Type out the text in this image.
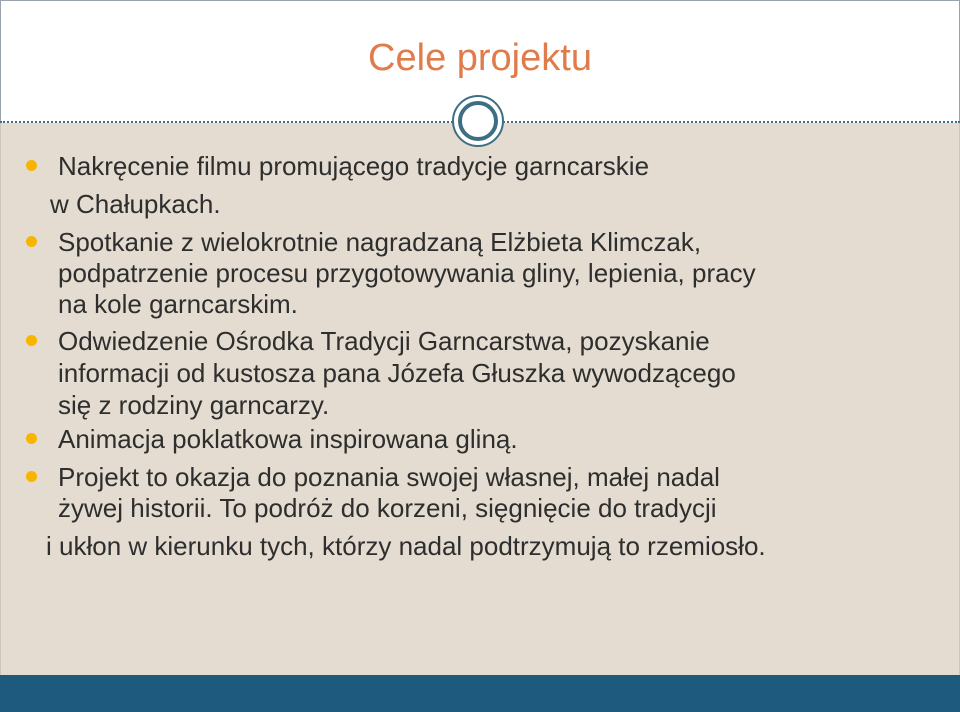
Cele projektu
Nakręcenie filmu promującego tradycje garncarskie
w Chałupkach.
Spotkanie z wielokrotnie nagradzaną Elżbieta Klimczak,
podpatrzenie procesu przygotowywania gliny, lepienia, pracy
na kole garncarskim.
Odwiedzenie Ośrodka Tradycji Garncarstwa, pozyskanie
informacji od kustosza pana Józefa Głuszka wywodzącego
się z rodziny garncarzy.
Animacja poklatkowa inspirowana gliną.
Projekt to okazja do poznania swojej własnej, małej nadal
żywej historii. To podróż do korzeni, sięgnięcie do tradycji
i ukłon w kierunku tych, którzy nadal podtrzymują to rzemiosło.
